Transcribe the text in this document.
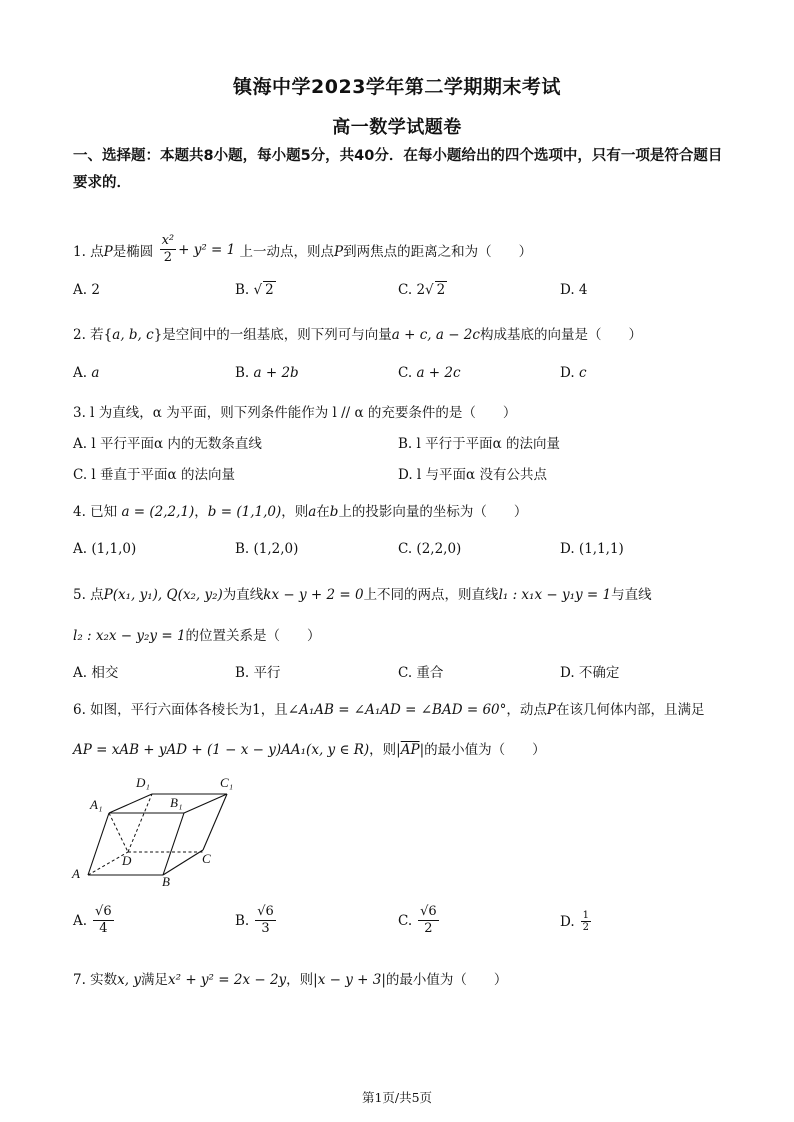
镇海中学2023学年第二学期期末考试
高一数学试题卷
一、选择题：本题共8小题，每小题5分，共40分．在每小题给出的四个选项中，只有一项是符合题目要求的．
1. 点P是椭圆 $\frac{\text{x²}}{2} + y^2 = 1$ 上一动点，则点P到两焦点的距离之和为（　　）
A. 2	B. √ 2	C. 2√ 2	D. 4
2. 若{a, b, c}是空间中的一组基底，则下列可与向量a + c, a − 2c构成基底的向量是（　　）
A. a	B. a + 2b	C. a + 2c	D. c
3. l 为直线，α 为平面，则下列条件能作为 l // α 的充要条件的是（　　）
A. l 平行平面α 内的无数条直线	B. l 平行于平面α 的法向量
C. l 垂直于平面α 的法向量	D. l 与平面α 没有公共点
4. 已知 a = (2,2,1)，b = (1,1,0)，则a在b上的投影向量的坐标为（　　）
A. (1,1,0)	B. (1,2,0)	C. (2,2,0)	D. (1,1,1)
5. 点P(x₁, y₁), Q(x₂, y₂)为直线kx − y + 2 = 0上不同的两点，则直线l₁ : x₁x − y₁y = 1与直线
l₂ : x₂x − y₂y = 1的位置关系是（　　）
A. 相交	B. 平行	C. 重合	D. 不确定
6. 如图，平行六面体各棱长为1，且∠A₁AB = ∠A₁AD = ∠BAD = 60°，动点P在该几何体内部，且满足
AP = xAB + yAD + (1 − x − y)AA₁(x, y ∈ R)，则$|\overline{AP}|$的最小值为（　　）
D₁	C₁
A₁	B₁
D	C
A
B
A. $\frac{√6}{4}$	B. $\frac{√6}{3}$	C. $\frac{√6}{2}$	D. $\frac{1}{2}$
7. 实数x, y满足x² + y² = 2x − 2y，则|x − y + 3|的最小值为（　　）
第1页/共5页
